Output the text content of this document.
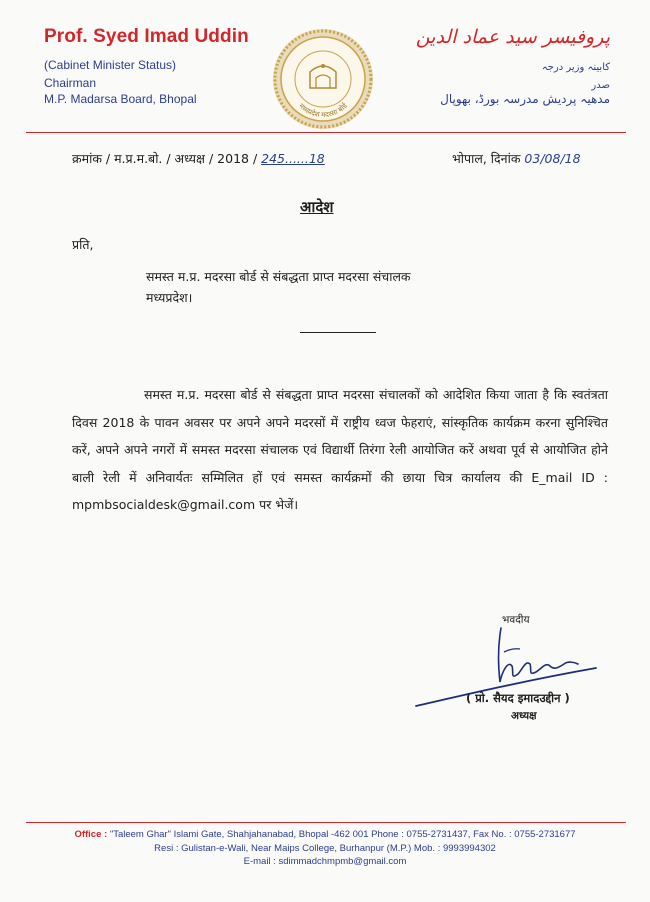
Prof. Syed Imad Uddin
(Cabinet Minister Status)
Chairman
M.P. Madarsa Board, Bhopal
پروفیسر سید عماد الدین
کابینہ وزیر درجہ
صدر
مدھیہ پردیش مدرسہ بورڈ، بھوپال
मध्यप्रदेश मदरसा बोर्ड
क्रमांक / म.प्र.म.बो. / अध्यक्ष / 2018 / 245......18	भोपाल, दिनांक 03/08/18
आदेश
प्रति,
समस्त म.प्र. मदरसा बोर्ड से संबद्धता प्राप्त मदरसा संचालक
मध्यप्रदेश।
समस्त म.प्र. मदरसा बोर्ड से संबद्धता प्राप्त मदरसा संचालकों को आदेशित किया जाता है कि स्वतंत्रता दिवस 2018 के पावन अवसर पर अपने अपने मदरसों में राष्ट्रीय ध्वज फेहराएं, सांस्कृतिक कार्यक्रम करना सुनिश्चित करें, अपने अपने नगरों में समस्त मदरसा संचालक एवं विद्यार्थी तिरंगा रेली आयोजित करें अथवा पूर्व से आयोजित होने बाली रेली में अनिवार्यतः सम्मिलित हों एवं समस्त कार्यक्रमों की छाया चित्र कार्यालय की E_mail ID : mpmbsocialdesk@gmail.com पर भेजें।
भवदीय
( प्रो. सैयद इमादउद्दीन )
अध्यक्ष
Office : "Taleem Ghar" Islami Gate, Shahjahanabad, Bhopal -462 001 Phone : 0755-2731437, Fax No. : 0755-2731677
Resi : Gulistan-e-Wali, Near Maips College, Burhanpur (M.P.) Mob. : 9993994302
E-mail : sdimmadchmpmb@gmail.com
